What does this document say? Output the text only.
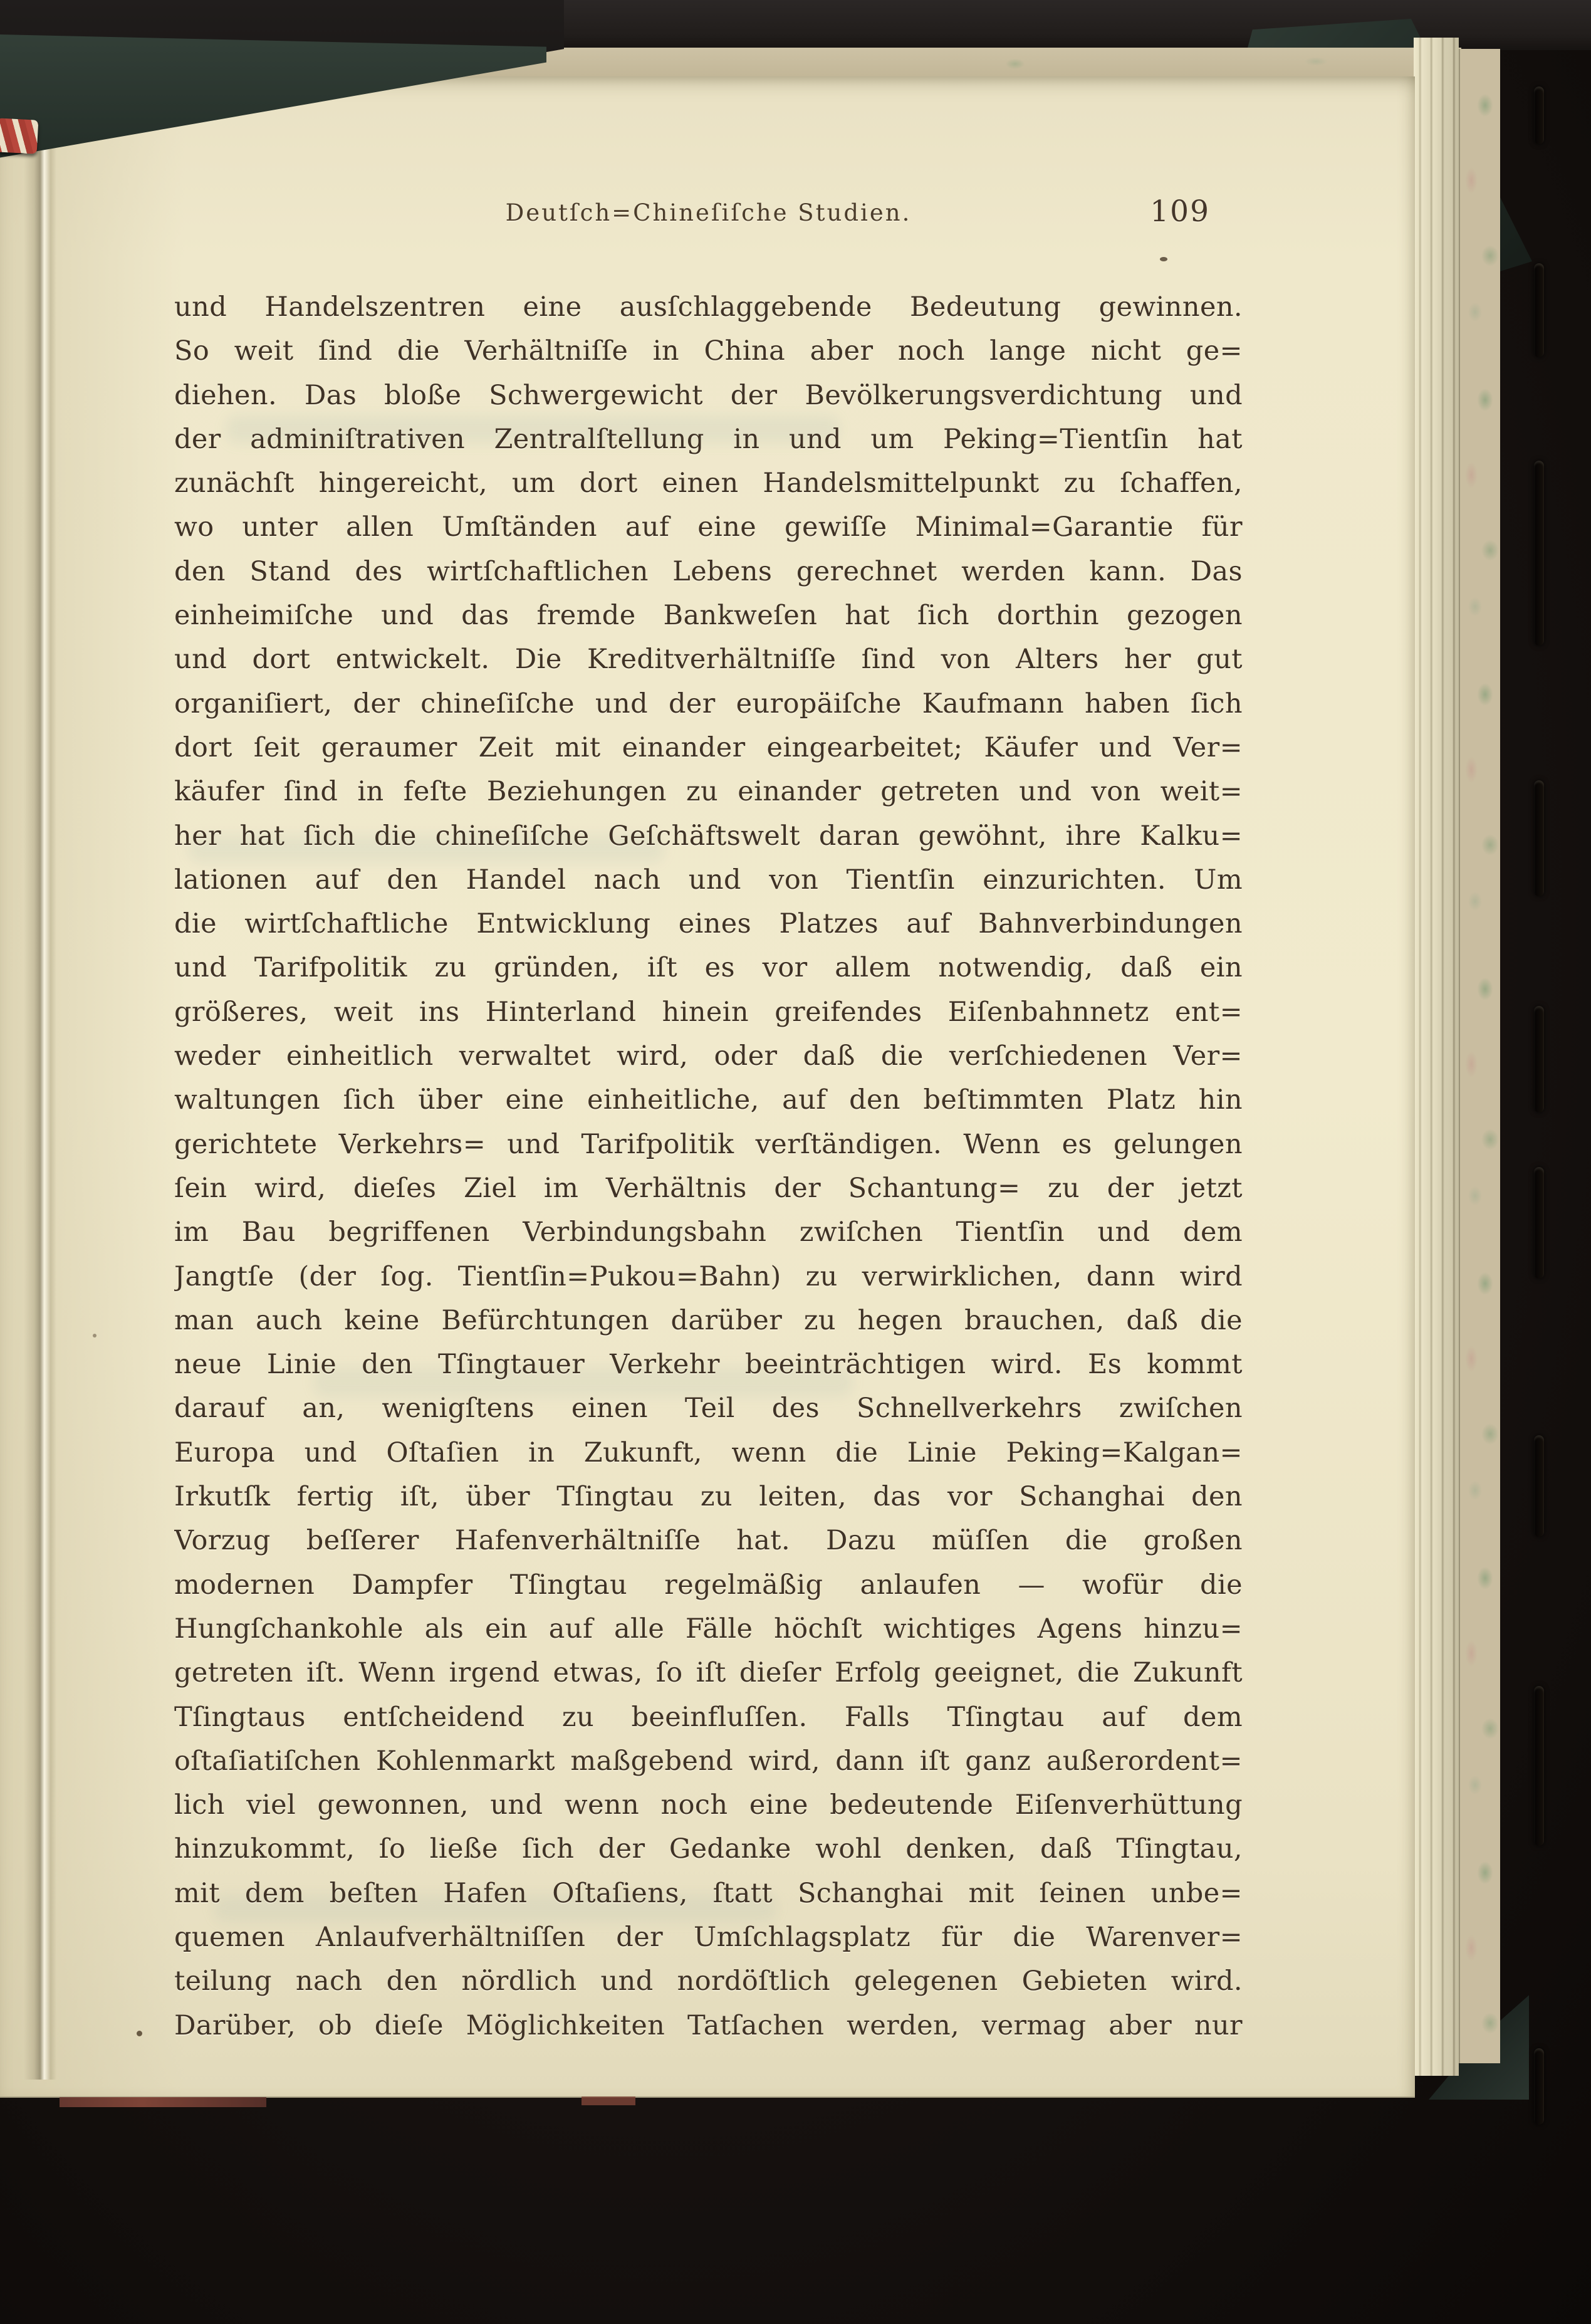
Deutſch=Chineſiſche Studien.	109
und Handelszentren eine ausſchlaggebende Bedeutung gewinnen.
So weit ſind die Verhältniſſe in China aber noch lange nicht ge=
diehen. Das bloße Schwergewicht der Bevölkerungsverdichtung und
der adminiſtrativen Zentralſtellung in und um Peking=Tientſin hat
zunächſt hingereicht, um dort einen Handelsmittelpunkt zu ſchaffen,
wo unter allen Umſtänden auf eine gewiſſe Minimal=Garantie für
den Stand des wirtſchaftlichen Lebens gerechnet werden kann. Das
einheimiſche und das fremde Bankweſen hat ſich dorthin gezogen
und dort entwickelt. Die Kreditverhältniſſe ſind von Alters her gut
organiſiert, der chineſiſche und der europäiſche Kaufmann haben ſich
dort ſeit geraumer Zeit mit einander eingearbeitet; Käufer und Ver=
käufer ſind in feſte Beziehungen zu einander getreten und von weit=
her hat ſich die chineſiſche Geſchäftswelt daran gewöhnt, ihre Kalku=
lationen auf den Handel nach und von Tientſin einzurichten. Um
die wirtſchaftliche Entwicklung eines Platzes auf Bahnverbindungen
und Tarifpolitik zu gründen, iſt es vor allem notwendig, daß ein
größeres, weit ins Hinterland hinein greifendes Eiſenbahnnetz ent=
weder einheitlich verwaltet wird, oder daß die verſchiedenen Ver=
waltungen ſich über eine einheitliche, auf den beſtimmten Platz hin
gerichtete Verkehrs= und Tarifpolitik verſtändigen. Wenn es gelungen
ſein wird, dieſes Ziel im Verhältnis der Schantung= zu der jetzt
im Bau begriffenen Verbindungsbahn zwiſchen Tientſin und dem
Jangtſe (der ſog. Tientſin=Pukou=Bahn) zu verwirklichen, dann wird
man auch keine Befürchtungen darüber zu hegen brauchen, daß die
neue Linie den Tſingtauer Verkehr beeinträchtigen wird. Es kommt
darauf an, wenigſtens einen Teil des Schnellverkehrs zwiſchen
Europa und Oſtaſien in Zukunft, wenn die Linie Peking=Kalgan=
Irkutſk fertig iſt, über Tſingtau zu leiten, das vor Schanghai den
Vorzug beſſerer Hafenverhältniſſe hat. Dazu müſſen die großen
modernen Dampfer Tſingtau regelmäßig anlaufen — wofür die
Hungſchankohle als ein auf alle Fälle höchſt wichtiges Agens hinzu=
getreten iſt. Wenn irgend etwas, ſo iſt dieſer Erfolg geeignet, die Zukunft
Tſingtaus entſcheidend zu beeinfluſſen. Falls Tſingtau auf dem
oſtaſiatiſchen Kohlenmarkt maßgebend wird, dann iſt ganz außerordent=
lich viel gewonnen, und wenn noch eine bedeutende Eiſenverhüttung
hinzukommt, ſo ließe ſich der Gedanke wohl denken, daß Tſingtau,
mit dem beſten Hafen Oſtaſiens, ſtatt Schanghai mit ſeinen unbe=
quemen Anlaufverhältniſſen der Umſchlagsplatz für die Warenver=
teilung nach den nördlich und nordöſtlich gelegenen Gebieten wird.
Darüber, ob dieſe Möglichkeiten Tatſachen werden, vermag aber nur
